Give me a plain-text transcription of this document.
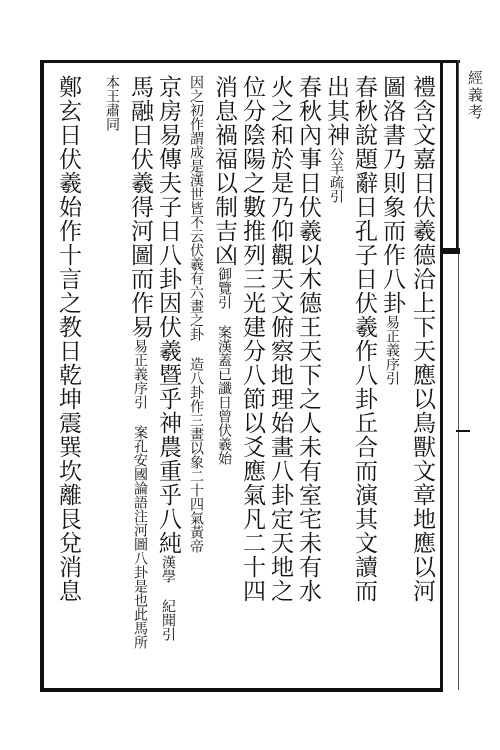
經義考
禮含文嘉日伏羲德洽上下天應以鳥獸文章地應以河
圖洛書乃則象而作八卦易正義序引
春秋說題辭日孔子日伏羲作八卦丘合而演其文讀而
出其神公羊疏引
春秋內事日伏羲以木德王天下之人未有室宅未有水
火之和於是乃仰觀天文俯察地理始畫八卦定天地之
位分陰陽之數推列三光建分八節以爻應氣凡二十四
消息禍福以制吉凶御覽引 案漢蓋已讖日曾伏羲始
因之初作謂成是漢世皆不云伏羲有六畫之卦 造八卦作三畫以象二十四氣黃帝
京房易傳夫子日八卦因伏羲暨乎神農重乎八純漢學 紀聞引
馬融日伏羲得河圖而作易易正義序引 案孔安國論語注河圖八卦是也此馬所
本王肅同
鄭玄日伏羲始作十言之教日乾坤震巽坎離艮兌消息
